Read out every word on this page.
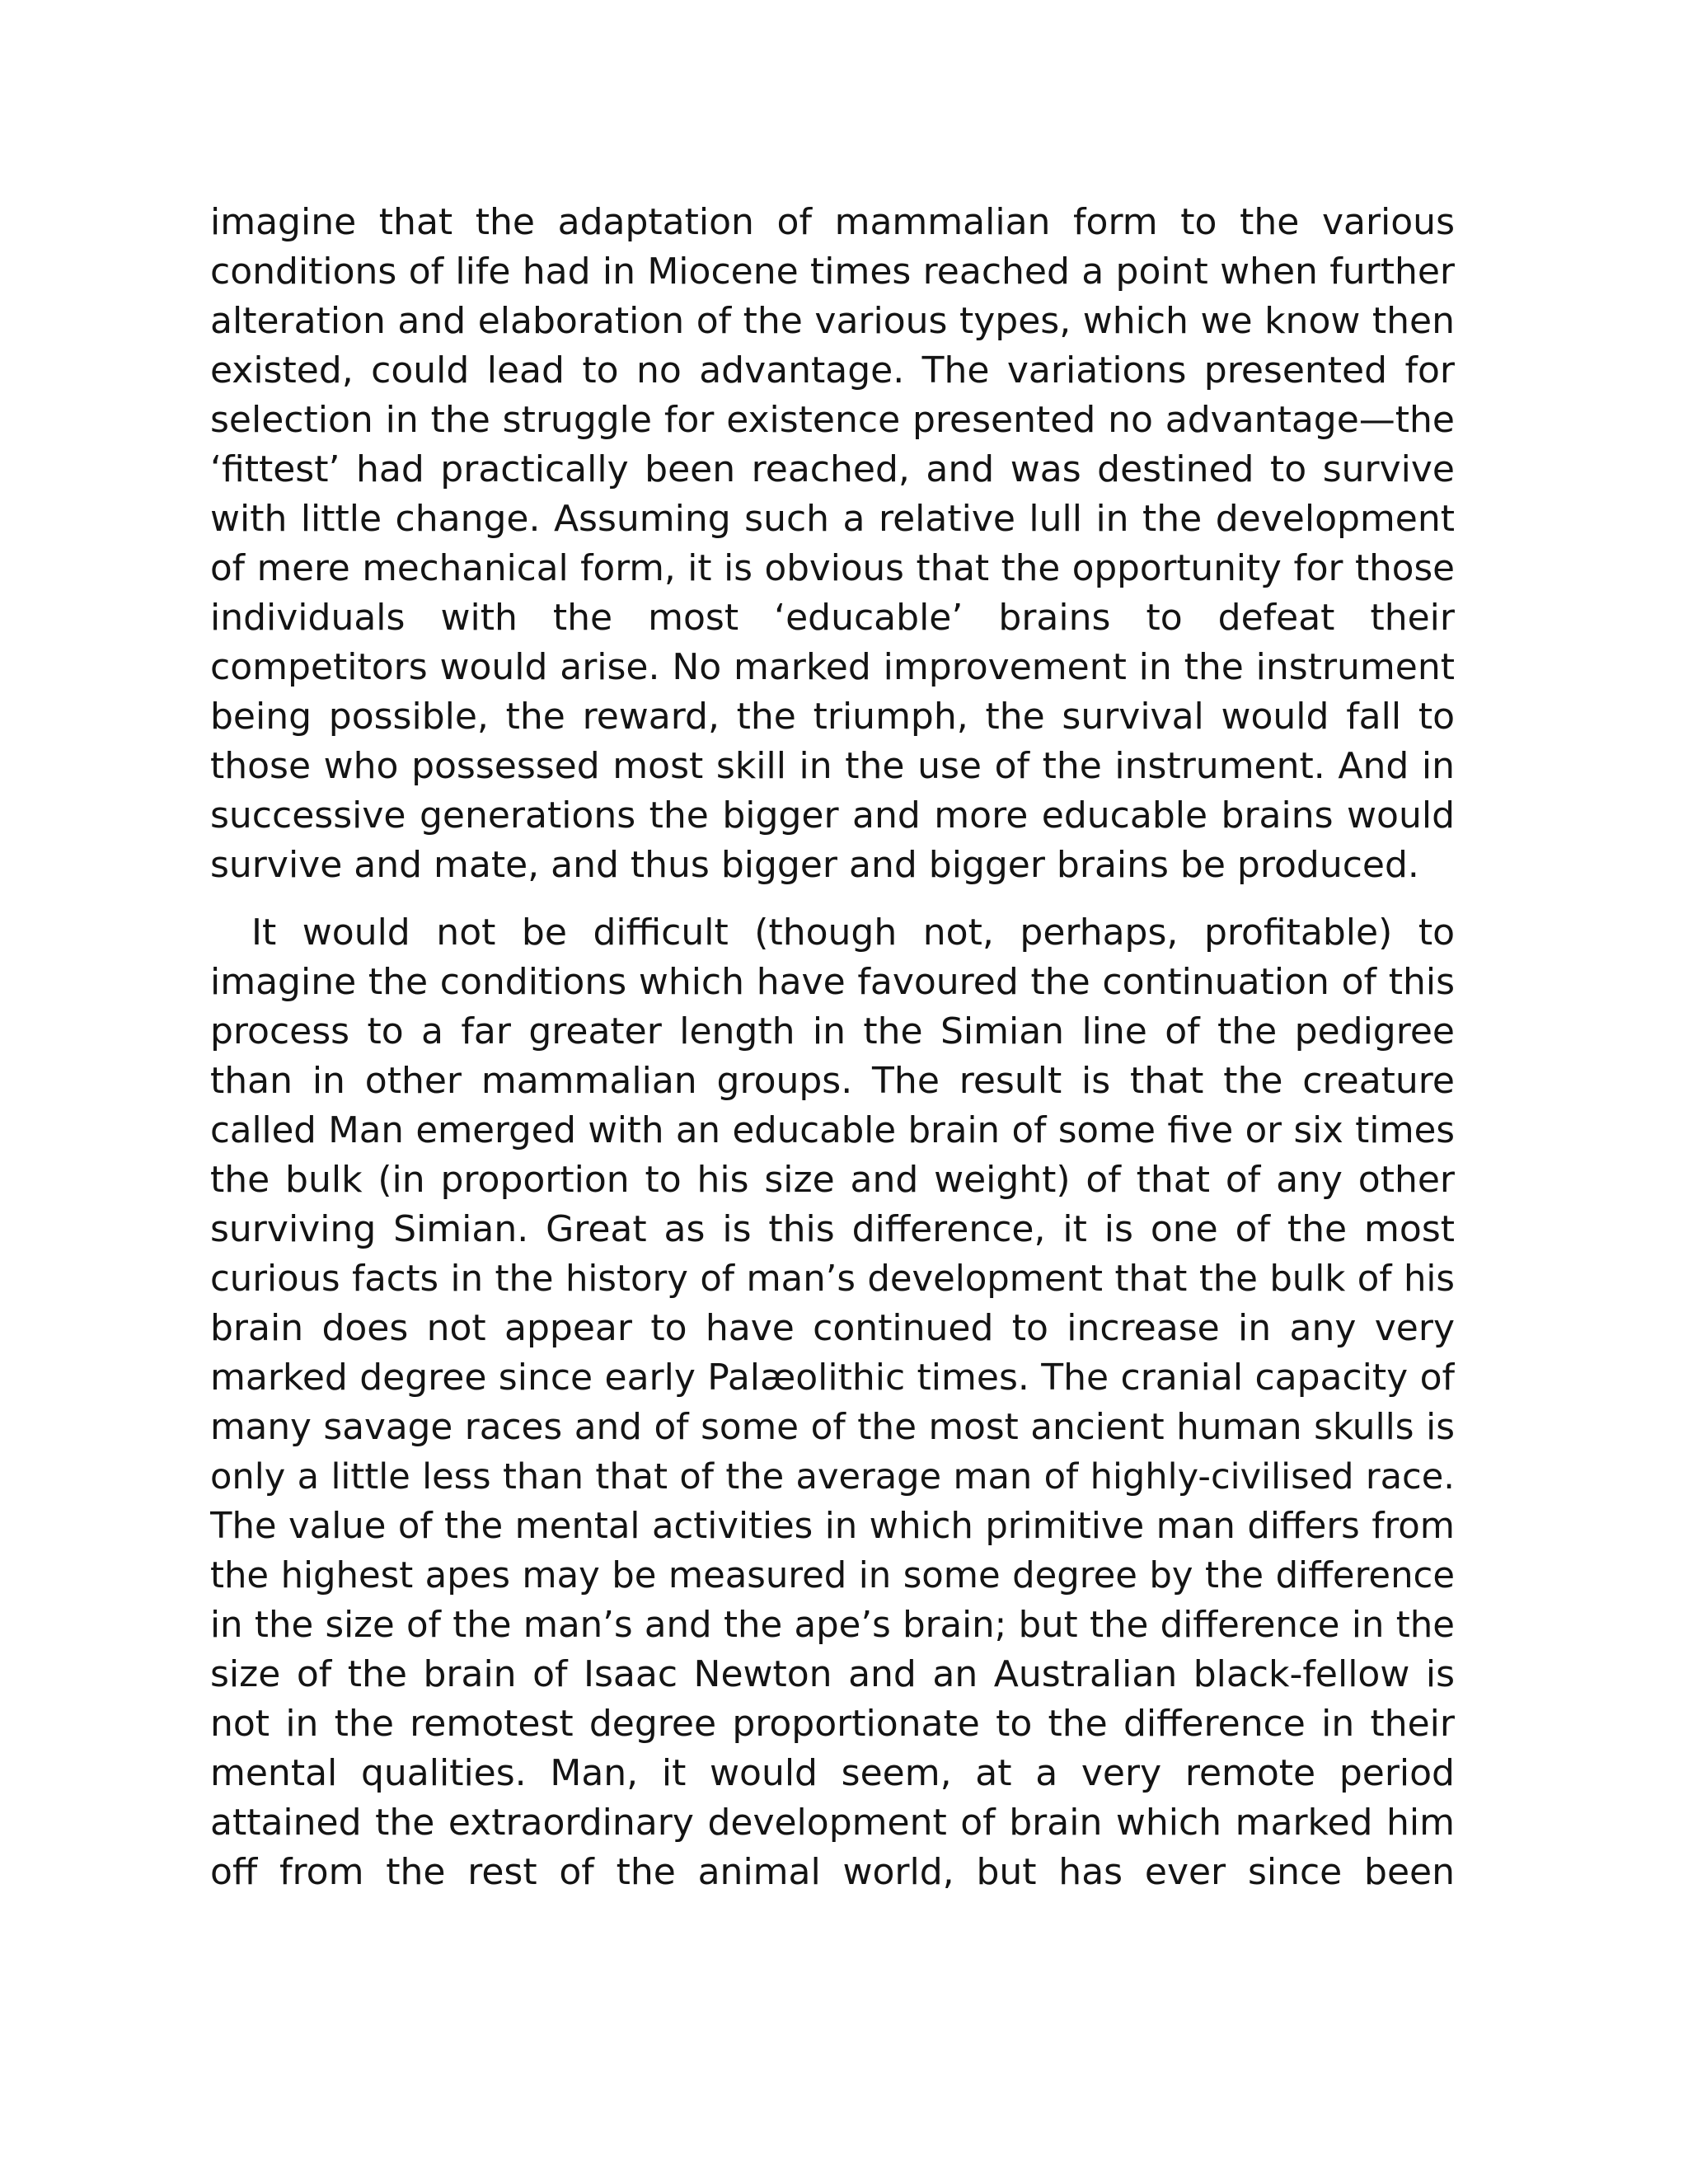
imagine that the adaptation of mammalian form to the various
conditions of life had in Miocene times reached a point when further
alteration and elaboration of the various types, which we know then
existed, could lead to no advantage. The variations presented for
selection in the struggle for existence presented no advantage—the
‘fittest’ had practically been reached, and was destined to survive
with little change. Assuming such a relative lull in the development
of mere mechanical form, it is obvious that the opportunity for those
individuals with the most ‘educable’ brains to defeat their
competitors would arise. No marked improvement in the instrument
being possible, the reward, the triumph, the survival would fall to
those who possessed most skill in the use of the instrument. And in
successive generations the bigger and more educable brains would
survive and mate, and thus bigger and bigger brains be produced.
It would not be difficult (though not, perhaps, profitable) to
imagine the conditions which have favoured the continuation of this
process to a far greater length in the Simian line of the pedigree
than in other mammalian groups. The result is that the creature
called Man emerged with an educable brain of some five or six times
the bulk (in proportion to his size and weight) of that of any other
surviving Simian. Great as is this difference, it is one of the most
curious facts in the history of man’s development that the bulk of his
brain does not appear to have continued to increase in any very
marked degree since early Palæolithic times. The cranial capacity of
many savage races and of some of the most ancient human skulls is
only a little less than that of the average man of highly-civilised race.
The value of the mental activities in which primitive man differs from
the highest apes may be measured in some degree by the difference
in the size of the man’s and the ape’s brain; but the difference in the
size of the brain of Isaac Newton and an Australian black-fellow is
not in the remotest degree proportionate to the difference in their
mental qualities. Man, it would seem, at a very remote period
attained the extraordinary development of brain which marked him
off from the rest of the animal world, but has ever since been
